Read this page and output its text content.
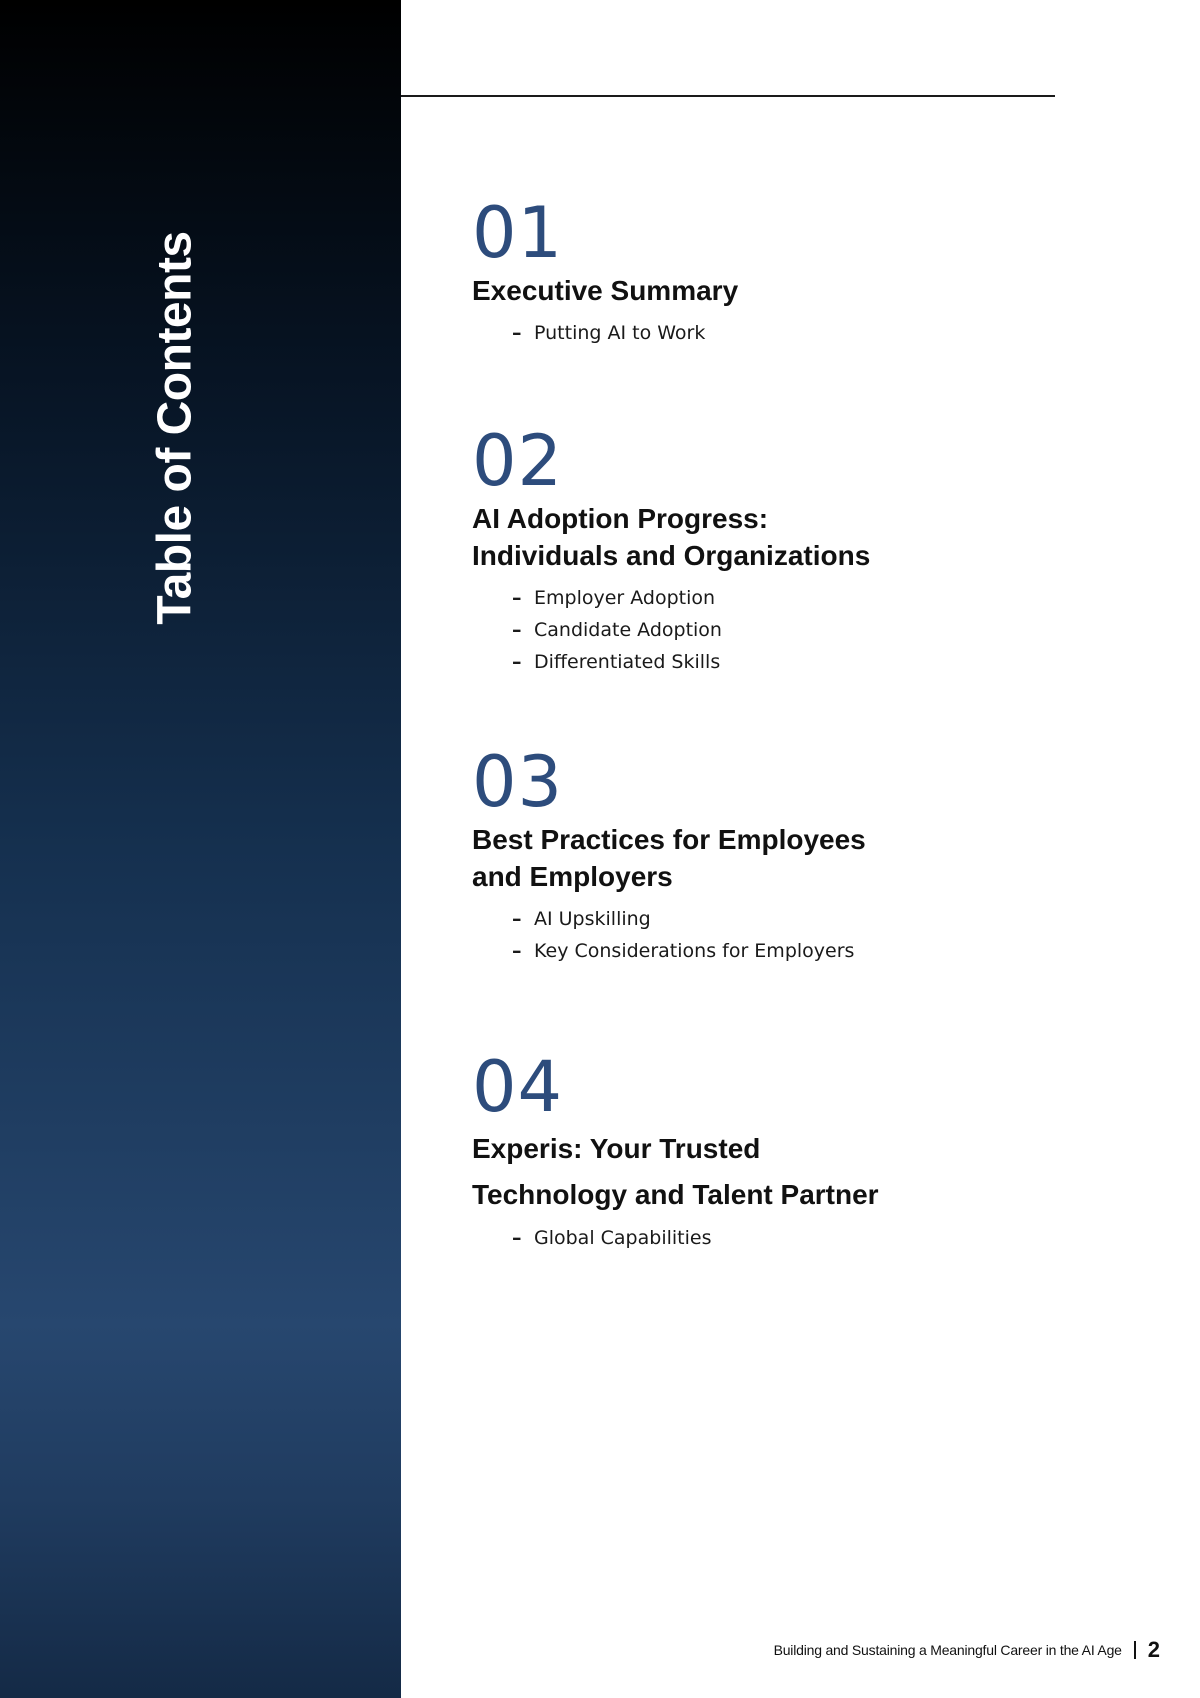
Table of Contents	01
Executive Summary
– Putting AI to Work
02
AI Adoption Progress:
Individuals and Organizations
– Employer Adoption
– Candidate Adoption
– Differentiated Skills
03
Best Practices for Employees
and Employers
– AI Upskilling
– Key Considerations for Employers
04
Experis: Your Trusted
Technology and Talent Partner
– Global Capabilities
Building and Sustaining a Meaningful Career in the AI Age 2
